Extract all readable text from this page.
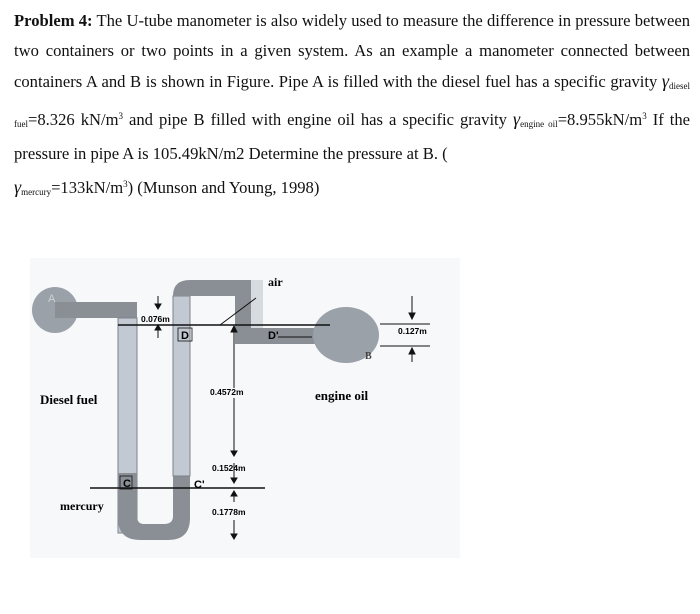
Problem 4: The U-tube manometer is also widely used to measure the difference in pressure between two containers or two points in a given system. As an example a manometer connected between containers A and B is shown in Figure. Pipe A is filled with the diesel fuel has a specific gravity $\gamma_{diesel fuel}=8.326$ $kN/m^3$ and pipe B filled with engine oil has a specific gravity $\gamma_{engine oil}=8.955kN/m^3$ If the pressure in pipe A is 105.49kN/m2 Determine the pressure at B. (
$\gamma_{mercury}=133kN/m^3$) (Munson and Young, 1998)
A
B
D	D'
C	C'
air
Diesel fuel
mercury
engine oil
0.076m
0.4572m
0.1524m
0.1778m
0.127m
